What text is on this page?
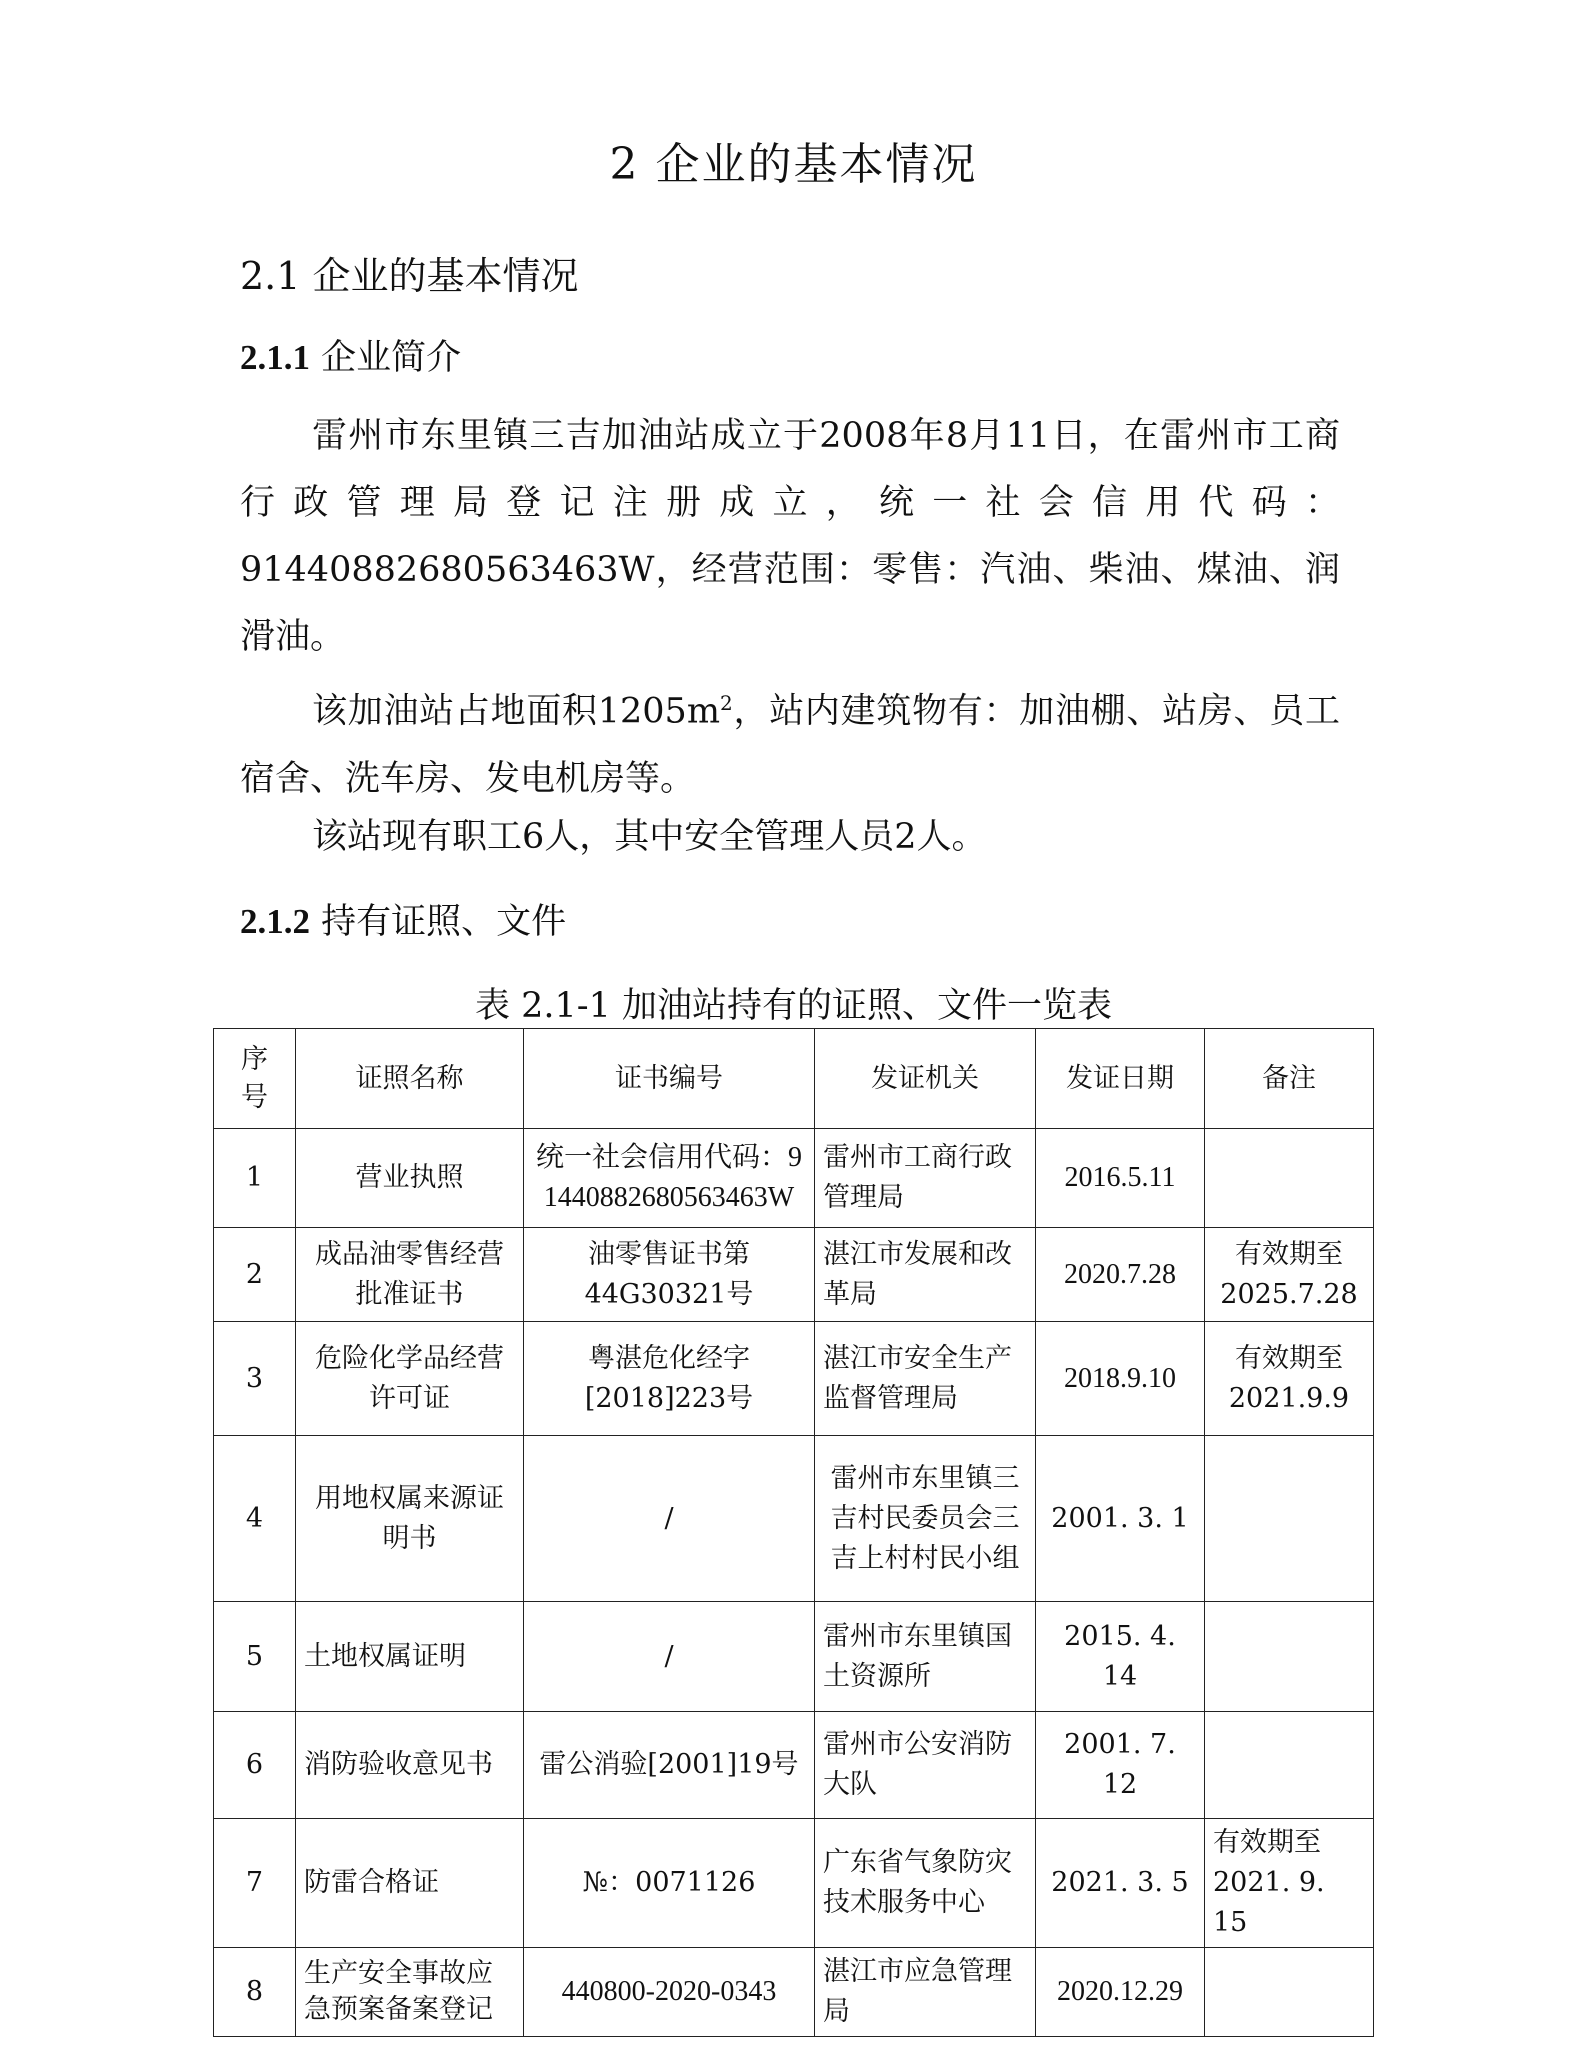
2 企业的基本情况
2.1 企业的基本情况
2.1.1 企业简介

雷州市东里镇三吉加油站成立于2008年8月11日，在雷州市工商行政管理局登记注册成立，统一社会信用代码：91440882680563463W，经营范围：零售：汽油、柴油、煤油、润滑油。

该加油站占地面积$1205m^2$，站内建筑物有：加油棚、站房、员工宿舍、洗车房、发电机房等。

该站现有职工6人，其中安全管理人员2人。

2.1.2 持有证照、文件

表 2.1-1 加油站持有的证照、文件一览表

序号	证照名称	证书编号	发证机关	发证日期	备注
1	营业执照	统一社会信用代码：91440882680563463W	雷州市工商行政管理局	2016.5.11	
2	成品油零售经营批准证书	油零售证书第44G30321号	湛江市发展和改革局	2020.7.28	有效期至2025.7.28
3	危险化学品经营许可证	粤湛危化经字[2018]223号	湛江市安全生产监督管理局	2018.9.10	有效期至2021.9.9
4	用地权属来源证明书	/	雷州市东里镇三吉村民委员会三吉上村村民小组	2001. 3. 1	
5	土地权属证明	/	雷州市东里镇国土资源所	2015. 4. 14	
6	消防验收意见书	雷公消验[2001]19号	雷州市公安消防大队	2001. 7. 12	
7	防雷合格证	№：0071126	广东省气象防灾技术服务中心	2021. 3. 5	有效期至2021. 9. 15
8	生产安全事故应急预案备案登记	440800-2020-0343	湛江市应急管理局	2020.12.29	
